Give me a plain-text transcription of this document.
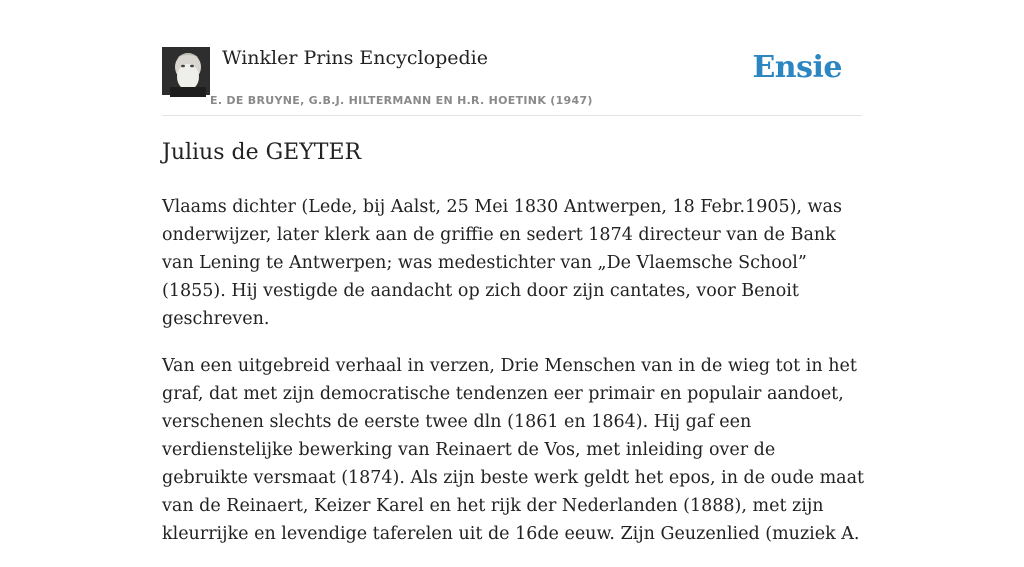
Winkler Prins Encyclopedie
E. DE BRUYNE, G.B.J. HILTERMANN EN H.R. HOETINK (1947)
Ensie
Julius de GEYTER

Vlaams dichter (Lede, bij Aalst, 25 Mei 1830 Antwerpen, 18 Febr.1905), was onderwijzer, later klerk aan de griffie en sedert 1874 directeur van de Bank van Lening te Antwerpen; was medestichter van „De Vlaemsche School” (1855). Hij vestigde de aandacht op zich door zijn cantates, voor Benoit geschreven.

Van een uitgebreid verhaal in verzen, Drie Menschen van in de wieg tot in het graf, dat met zijn democratische tendenzen eer primair en populair aandoet, verschenen slechts de eerste twee dln (1861 en 1864). Hij gaf een verdienstelijke bewerking van Reinaert de Vos, met inleiding over de gebruikte versmaat (1874). Als zijn beste werk geldt het epos, in de oude maat van de Reinaert, Keizer Karel en het rijk der Nederlanden (1888), met zijn kleurrijke en levendige taferelen uit de 16de eeuw. Zijn Geuzenlied (muziek A.
